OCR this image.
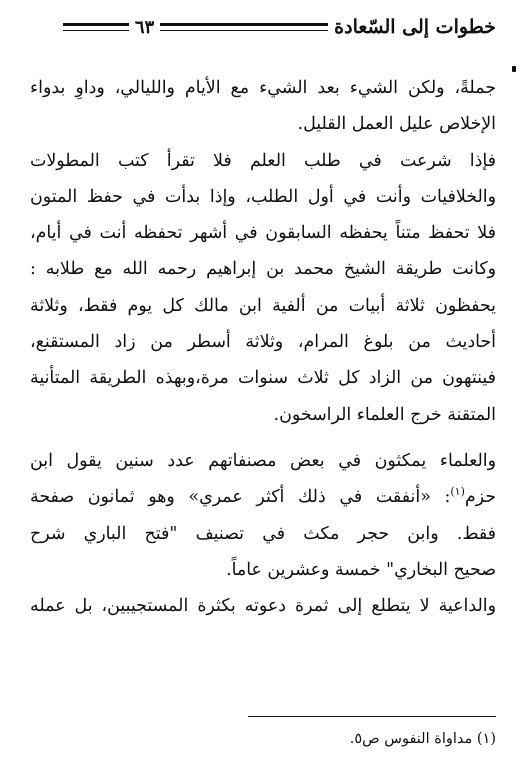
خطوات إلى السّعادة
٦٣
جملةً، ولكن الشيء بعد الشيء مع الأيام والليالي، وداوِ بدواء
الإخلاص عليل العمل القليل.
فإذا شرعت في طلب العلم فلا تقرأ كتب المطولات
والخلافيات وأنت في أول الطلب، وإذا بدأت في حفظ المتون
فلا تحفظ متناً يحفظه السابقون في أشهر تحفظه أنت في أيام،
وكانت طريقة الشيخ محمد بن إبراهيم رحمه الله مع طلابه :
يحفظون ثلاثة أبيات من ألفية ابن مالك كل يوم فقط، وثلاثة
أحاديث من بلوغ المرام، وثلاثة أسطر من زاد المستقنع،
فينتهون من الزاد كل ثلاث سنوات مرة،وبهذه الطريقة المتأنية
المتقنة خرج العلماء الراسخون.
والعلماء يمكثون في بعض مصنفاتهم عدد سنين يقول ابن
حزم$^{(١)}$: «أنفقت في ذلك أكثر عمري» وهو ثمانون صفحة
فقط. وابن حجر مكث في تصنيف "فتح الباري شرح
صحيح البخاري" خمسة وعشرين عاماً.
والداعية لا يتطلع إلى ثمرة دعوته بكثرة المستجيبين، بل عمله
(١) مداواة النفوس ص٥.
